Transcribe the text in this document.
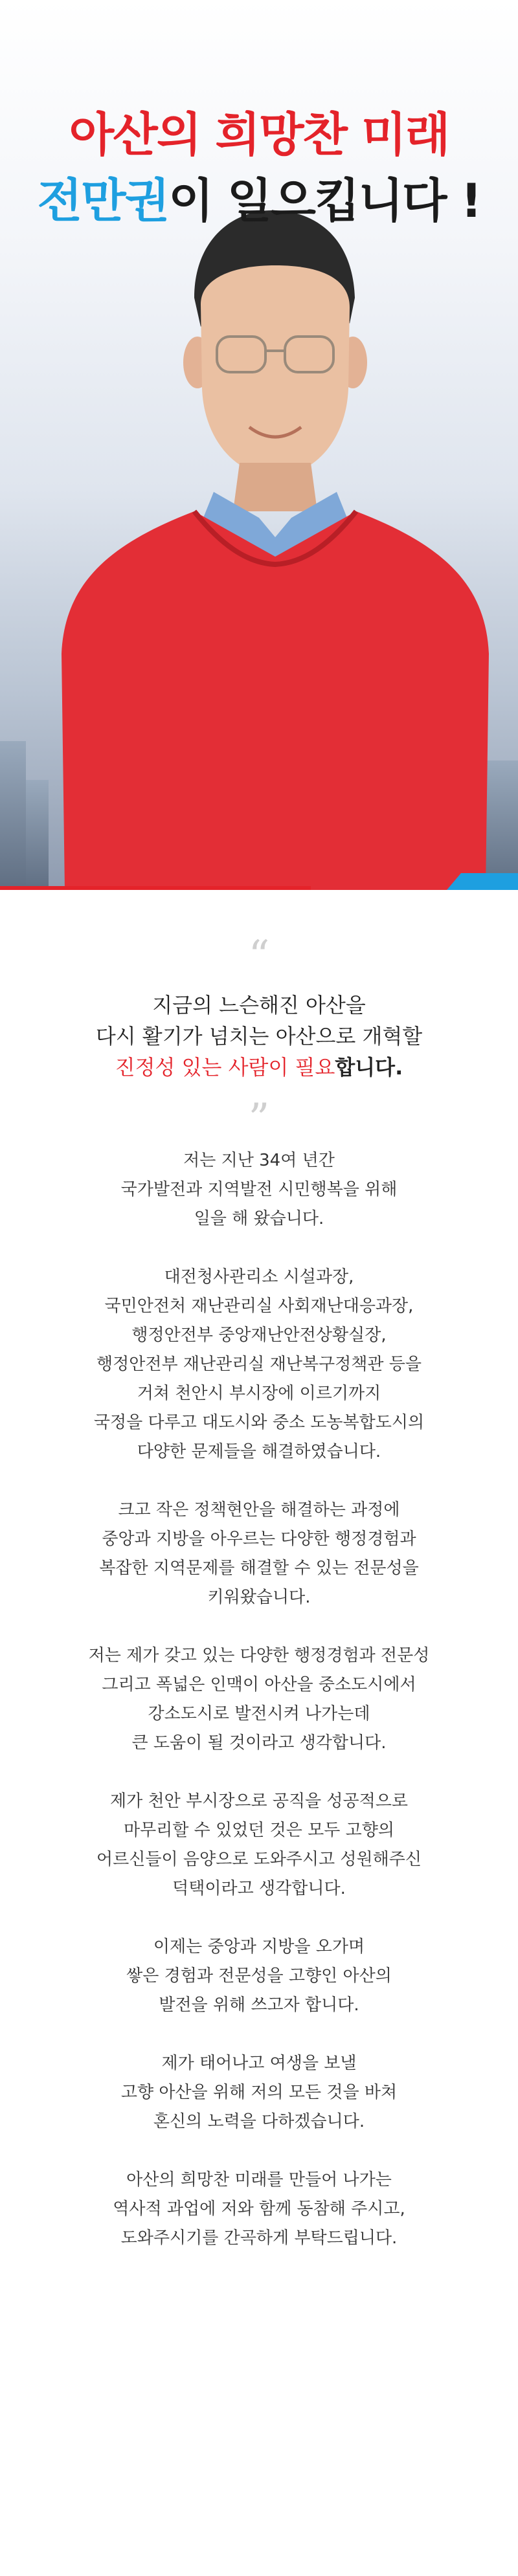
아산의 희망찬 미래
전만권이 일으킵니다 !
“
지금의 느슨해진 아산을
다시 활기가 넘치는 아산으로 개혁할
진정성 있는 사람이 필요합니다.
”
저는 지난 34여 년간
국가발전과 지역발전 시민행복을 위해
일을 해 왔습니다.
대전청사관리소 시설과장,
국민안전처 재난관리실 사회재난대응과장,
행정안전부 중앙재난안전상황실장,
행정안전부 재난관리실 재난복구정책관 등을
거쳐 천안시 부시장에 이르기까지
국정을 다루고 대도시와 중소 도농복합도시의
다양한 문제들을 해결하였습니다.
크고 작은 정책현안을 해결하는 과정에
중앙과 지방을 아우르는 다양한 행정경험과
복잡한 지역문제를 해결할 수 있는 전문성을
키워왔습니다.
저는 제가 갖고 있는 다양한 행정경험과 전문성
그리고 폭넓은 인맥이 아산을 중소도시에서
강소도시로 발전시켜 나가는데
큰 도움이 될 것이라고 생각합니다.
제가 천안 부시장으로 공직을 성공적으로
마무리할 수 있었던 것은 모두 고향의
어르신들이 음양으로 도와주시고 성원해주신
덕택이라고 생각합니다.
이제는 중앙과 지방을 오가며
쌓은 경험과 전문성을 고향인 아산의
발전을 위해 쓰고자 합니다.
제가 태어나고 여생을 보낼
고향 아산을 위해 저의 모든 것을 바쳐
혼신의 노력을 다하겠습니다.
아산의 희망찬 미래를 만들어 나가는
역사적 과업에 저와 함께 동참해 주시고,
도와주시기를 간곡하게 부탁드립니다.
